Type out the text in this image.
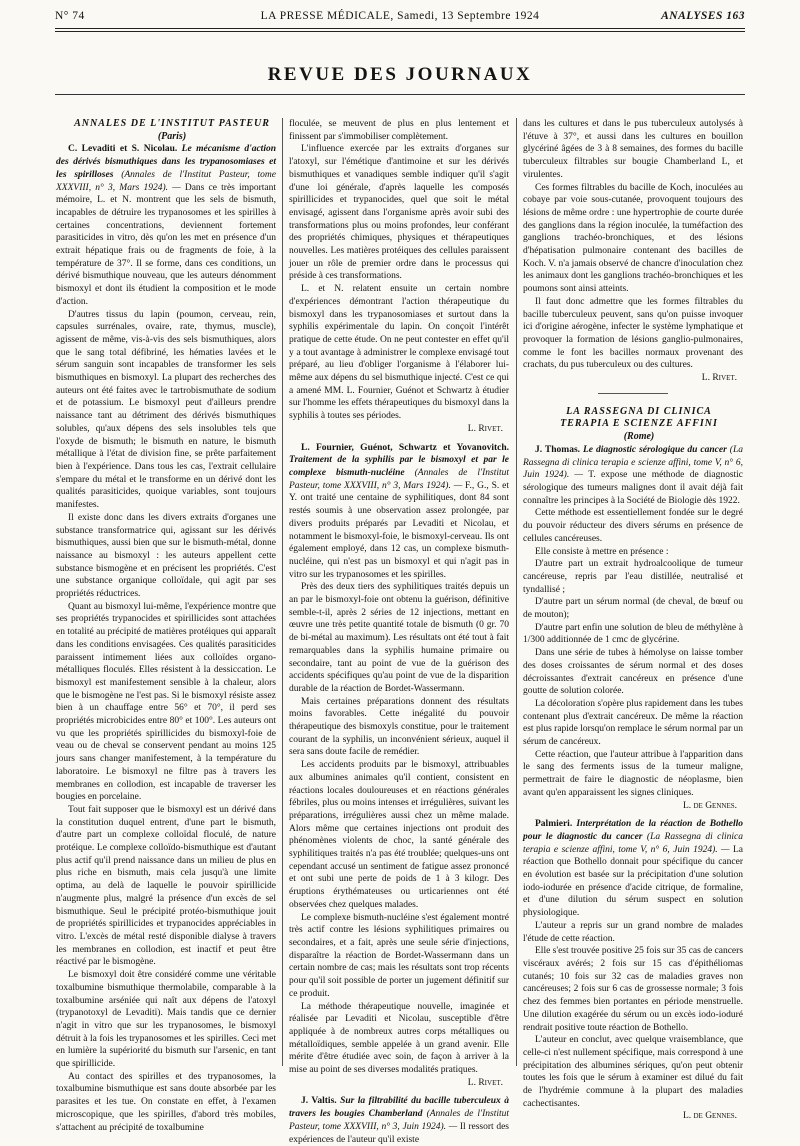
N° 74	LA PRESSE MÉDICALE, Samedi, 13 Septembre 1924	ANALYSES 163
REVUE DES JOURNAUX

ANNALES DE L'INSTITUT PASTEUR

(Paris)

C. Levaditi et S. Nicolau. Le mécanisme d'action des dérivés bismuthiques dans les trypanosomiases et les spirilloses (Annales de l'Institut Pasteur, tome XXXVIII, n° 3, Mars 1924). — Dans ce très important mémoire, L. et N. montrent que les sels de bismuth, incapables de détruire les trypanosomes et les spirilles à certaines concentrations, deviennent fortement parasiticides in vitro, dès qu'on les met en présence d'un extrait hépatique frais ou de fragments de foie, à la température de 37°. Il se forme, dans ces conditions, un dérivé bismuthique nouveau, que les auteurs dénomment bismoxyl et dont ils étudient la composition et le mode d'action.

D'autres tissus du lapin (poumon, cerveau, rein, capsules surrénales, ovaire, rate, thymus, muscle), agissent de même, vis-à-vis des sels bismuthiques, alors que le sang total défibriné, les hématies lavées et le sérum sanguin sont incapables de transformer les sels bismuthiques en bismoxyl. La plupart des recherches des auteurs ont été faites avec le tartrobismuthate de sodium et de potassium. Le bismoxyl peut d'ailleurs prendre naissance tant au détriment des dérivés bismuthiques solubles, qu'aux dépens des sels insolubles tels que l'oxyde de bismuth; le bismuth en nature, le bismuth métallique à l'état de division fine, se prête parfaitement bien à l'expérience. Dans tous les cas, l'extrait cellulaire s'empare du métal et le transforme en un dérivé dont les qualités parasiticides, quoique variables, sont toujours manifestes.

Il existe donc dans les divers extraits d'organes une substance transformatrice qui, agissant sur les dérivés bismuthiques, aussi bien que sur le bismuth-métal, donne naissance au bismoxyl : les auteurs appellent cette substance bismogène et en précisent les propriétés. C'est une substance organique colloïdale, qui agit par ses propriétés réductrices.

Quant au bismoxyl lui-même, l'expérience montre que ses propriétés trypanocides et spirillicides sont attachées en totalité au précipité de matières protéiques qui apparaît dans les conditions envisagées. Ces qualités parasiticides paraissent intimement liées aux colloïdes organo-métalliques floculés. Elles résistent à la dessiccation. Le bismoxyl est manifestement sensible à la chaleur, alors que le bismogène ne l'est pas. Si le bismoxyl résiste assez bien à un chauffage entre 56° et 70°, il perd ses propriétés microbicides entre 80° et 100°. Les auteurs ont vu que les propriétés spirillicides du bismoxyl-foie de veau ou de cheval se conservent pendant au moins 125 jours sans changer manifestement, à la température du laboratoire. Le bismoxyl ne filtre pas à travers les membranes en collodion, est incapable de traverser les bougies en porcelaine.

Tout fait supposer que le bismoxyl est un dérivé dans la constitution duquel entrent, d'une part le bismuth, d'autre part un complexe colloïdal floculé, de nature protéique. Le complexe colloïdo-bismuthique est d'autant plus actif qu'il prend naissance dans un milieu de plus en plus riche en bismuth, mais cela jusqu'à une limite optima, au delà de laquelle le pouvoir spirillicide n'augmente plus, malgré la présence d'un excès de sel bismuthique. Seul le précipité protéo-bismuthique jouit de propriétés spirillicides et trypanocides appréciables in vitro. L'excès de métal resté disponible dialyse à travers les membranes en collodion, est inactif et peut être réactivé par le bismogène.

Le bismoxyl doit être considéré comme une véritable toxalbumine bismuthique thermolabile, comparable à la toxalbumine arséniée qui naît aux dépens de l'atoxyl (trypanotoxyl de Levaditi). Mais tandis que ce dernier n'agit in vitro que sur les trypanosomes, le bismoxyl détruit à la fois les trypanosomes et les spirilles. Ceci met en lumière la supériorité du bismuth sur l'arsenic, en tant que spirillicide.

Au contact des spirilles et des trypanosomes, la toxalbumine bismuthique est sans doute absorbée par les parasites et les tue. On constate en effet, à l'examen microscopique, que les spirilles, d'abord très mobiles, s'attachent au précipité de toxalbumine

floculée, se meuvent de plus en plus lentement et finissent par s'immobiliser complètement.

L'influence exercée par les extraits d'organes sur l'atoxyl, sur l'émétique d'antimoine et sur les dérivés bismuthiques et vanadiques semble indiquer qu'il s'agit d'une loi générale, d'après laquelle les composés spirillicides et trypanocides, quel que soit le métal envisagé, agissent dans l'organisme après avoir subi des transformations plus ou moins profondes, leur conférant des propriétés chimiques, physiques et thérapeutiques nouvelles. Les matières protéiques des cellules paraissent jouer un rôle de premier ordre dans le processus qui préside à ces transformations.

L. et N. relatent ensuite un certain nombre d'expériences démontrant l'action thérapeutique du bismoxyl dans les trypanosomiases et surtout dans la syphilis expérimentale du lapin. On conçoit l'intérêt pratique de cette étude. On ne peut contester en effet qu'il y a tout avantage à administrer le complexe envisagé tout préparé, au lieu d'obliger l'organisme à l'élaborer lui-même aux dépens du sel bismuthique injecté. C'est ce qui a amené MM. L. Fournier, Guénot et Schwartz à étudier sur l'homme les effets thérapeutiques du bismoxyl dans la syphilis à toutes ses périodes.

L. Rivet.

L. Fournier, Guénot, Schwartz et Yovanovitch. Traitement de la syphilis par le bismoxyl et par le complexe bismuth-nucléine (Annales de l'Institut Pasteur, tome XXXVIII, n° 3, Mars 1924). — F., G., S. et Y. ont traité une centaine de syphilitiques, dont 84 sont restés soumis à une observation assez prolongée, par divers produits préparés par Levaditi et Nicolau, et notamment le bismoxyl-foie, le bismoxyl-cerveau. Ils ont également employé, dans 12 cas, un complexe bismuth-nucléine, qui n'est pas un bismoxyl et qui n'agit pas in vitro sur les trypanosomes et les spirilles.

Près des deux tiers des syphilitiques traités depuis un an par le bismoxyl-foie ont obtenu la guérison, définitive semble-t-il, après 2 séries de 12 injections, mettant en œuvre une très petite quantité totale de bismuth (0 gr. 70 de bi-métal au maximum). Les résultats ont été tout à fait remarquables dans la syphilis humaine primaire ou secondaire, tant au point de vue de la guérison des accidents spécifiques qu'au point de vue de la disparition durable de la réaction de Bordet-Wassermann.

Mais certaines préparations donnent des résultats moins favorables. Cette inégalité du pouvoir thérapeutique des bismoxyls constitue, pour le traitement courant de la syphilis, un inconvénient sérieux, auquel il sera sans doute facile de remédier.

Les accidents produits par le bismoxyl, attribuables aux albumines animales qu'il contient, consistent en réactions locales douloureuses et en réactions générales fébriles, plus ou moins intenses et irrégulières, suivant les préparations, irrégulières aussi chez un même malade. Alors même que certaines injections ont produit des phénomènes violents de choc, la santé générale des syphilitiques traités n'a pas été troublée; quelques-uns ont cependant accusé un sentiment de fatigue assez prononcé et ont subi une perte de poids de 1 à 3 kilogr. Des éruptions érythémateuses ou urticariennes ont été observées chez quelques malades.

Le complexe bismuth-nucléine s'est également montré très actif contre les lésions syphilitiques primaires ou secondaires, et a fait, après une seule série d'injections, disparaître la réaction de Bordet-Wassermann dans un certain nombre de cas; mais les résultats sont trop récents pour qu'il soit possible de porter un jugement définitif sur ce produit.

La méthode thérapeutique nouvelle, imaginée et réalisée par Levaditi et Nicolau, susceptible d'être appliquée à de nombreux autres corps métalliques ou métalloïdiques, semble appelée à un grand avenir. Elle mérite d'être étudiée avec soin, de façon à arriver à la mise au point de ses diverses modalités pratiques.

L. Rivet.

J. Valtis. Sur la filtrabilité du bacille tuberculeux à travers les bougies Chamberland (Annales de l'Institut Pasteur, tome XXXVIII, n° 3, Juin 1924). — Il ressort des expériences de l'auteur qu'il existe

dans les cultures et dans le pus tuberculeux autolysés à l'étuve à 37°, et aussi dans les cultures en bouillon glycériné âgées de 3 à 8 semaines, des formes du bacille tuberculeux filtrables sur bougie Chamberland L, et virulentes.

Ces formes filtrables du bacille de Koch, inoculées au cobaye par voie sous-cutanée, provoquent toujours des lésions de même ordre : une hypertrophie de courte durée des ganglions dans la région inoculée, la tuméfaction des ganglions trachéo-bronchiques, et des lésions d'hépatisation pulmonaire contenant des bacilles de Koch. V. n'a jamais observé de chancre d'inoculation chez les animaux dont les ganglions trachéo-bronchiques et les poumons sont ainsi atteints.

Il faut donc admettre que les formes filtrables du bacille tuberculeux peuvent, sans qu'on puisse invoquer ici d'origine aérogène, infecter le système lymphatique et provoquer la formation de lésions ganglio-pulmonaires, comme le font les bacilles normaux provenant des crachats, du pus tuberculeux ou des cultures.

L. Rivet.

LA RASSEGNA DI CLINICA

TERAPIA E SCIENZE AFFINI

(Rome)

J. Thomas. Le diagnostic sérologique du cancer (La Rassegna di clinica terapia e scienze affini, tome V, n° 6, Juin 1924). — T. expose une méthode de diagnostic sérologique des tumeurs malignes dont il avait déjà fait connaître les principes à la Société de Biologie dès 1922.

Cette méthode est essentiellement fondée sur le degré du pouvoir réducteur des divers sérums en présence de cellules cancéreuses.

Elle consiste à mettre en présence :

D'autre part un extrait hydroalcoolique de tumeur cancéreuse, repris par l'eau distillée, neutralisé et tyndallisé ;

D'autre part un sérum normal (de cheval, de bœuf ou de mouton);

D'autre part enfin une solution de bleu de méthylène à 1/300 additionnée de 1 cmc de glycérine.

Dans une série de tubes à hémolyse on laisse tomber des doses croissantes de sérum normal et des doses décroissantes d'extrait cancéreux en présence d'une goutte de solution colorée.

La décoloration s'opère plus rapidement dans les tubes contenant plus d'extrait cancéreux. De même la réaction est plus rapide lorsqu'on remplace le sérum normal par un sérum de cancéreux.

Cette réaction, que l'auteur attribue à l'apparition dans le sang des ferments issus de la tumeur maligne, permettrait de faire le diagnostic de néoplasme, bien avant qu'en apparaissent les signes cliniques.

L. de Gennes.

Palmieri. Interprétation de la réaction de Bothello pour le diagnostic du cancer (La Rassegna di clinica terapia e scienze affini, tome V, n° 6, Juin 1924). — La réaction que Bothello donnait pour spécifique du cancer en évolution est basée sur la précipitation d'une solution iodo-iodurée en présence d'acide citrique, de formaline, et d'une dilution du sérum suspect en solution physiologique.

L'auteur a repris sur un grand nombre de malades l'étude de cette réaction.

Elle s'est trouvée positive 25 fois sur 35 cas de cancers viscéraux avérés; 2 fois sur 15 cas d'épithéliomas cutanés; 10 fois sur 32 cas de maladies graves non cancéreuses; 2 fois sur 6 cas de grossesse normale; 3 fois chez des femmes bien portantes en période menstruelle. Une dilution exagérée du sérum ou un excès iodo-ioduré rendrait positive toute réaction de Bothello.

L'auteur en conclut, avec quelque vraisemblance, que celle-ci n'est nullement spécifique, mais correspond à une précipitation des albumines sériques, qu'on peut obtenir toutes les fois que le sérum à examiner est dilué du fait de l'hydrémie commune à la plupart des maladies cachectisantes.

L. de Gennes.
